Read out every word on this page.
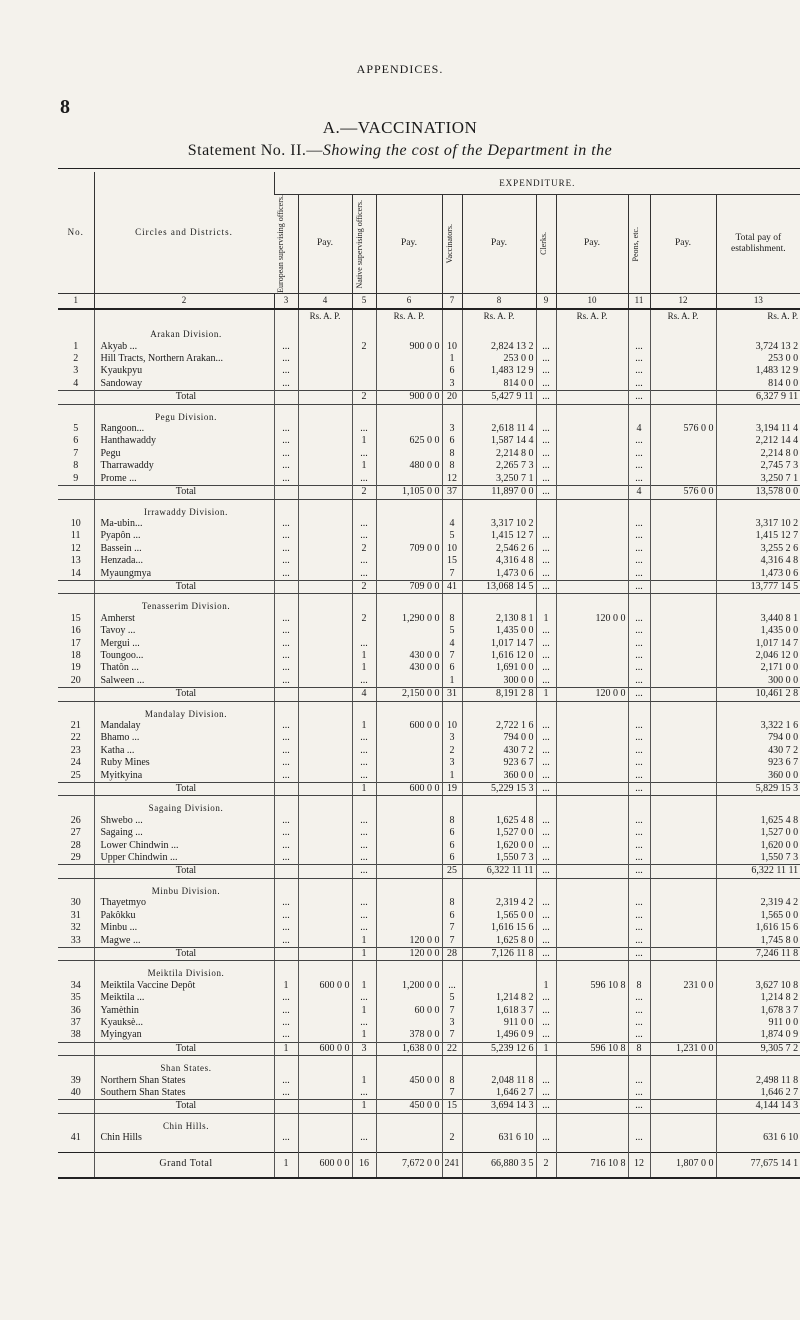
APPENDICES.
8
A.—VACCINATION
Statement No. II.—Showing the cost of the Department in the
No.	Circles and Districts.	EXPENDITURE.										

		European supervising officers.	Pay.	Native supervising officers.	Pay.	Vaccinators.	Pay.	Clerks.	Pay.	Peons, etc.	Pay.	Total pay of establishment.
1	2	3	4	5	6	7	8	9	10	11	12	13
			Rs. A. P.		Rs. A. P.		Rs. A. P.		Rs. A. P.		Rs. A. P.	Rs. A. P.
	Arakan Division.											
1	Akyab ...	...		2	900 0 0	10	2,824 13 2	...		...		3,724 13 2
2	Hill Tracts, Northern Arakan...	...				1	253 0 0	...		...		253 0 0
3	Kyaukpyu	...				6	1,483 12 9	...		...		1,483 12 9
4	Sandoway	...				3	814 0 0	...		...		814 0 0
	Total			2	900 0 0	20	5,427 9 11	...		...		6,327 9 11
	Pegu Division.											
5	Rangoon...	...		...		3	2,618 11 4	...		4	576 0 0	3,194 11 4
6	Hanthawaddy	...		1	625 0 0	6	1,587 14 4	...		...		2,212 14 4
7	Pegu	...		...		8	2,214 8 0	...		...		2,214 8 0
8	Tharrawaddy	...		1	480 0 0	8	2,265 7 3	...		...		2,745 7 3
9	Prome ...	...		...		12	3,250 7 1	...		...		3,250 7 1
	Total			2	1,105 0 0	37	11,897 0 0	...		4	576 0 0	13,578 0 0
	Irrawaddy Division.											
10	Ma-ubin...	...		...		4	3,317 10 2			...		3,317 10 2
11	Pyapôn ...	...		...		5	1,415 12 7	...		...		1,415 12 7
12	Bassein ...	...		2	709 0 0	10	2,546 2 6	...		...		3,255 2 6
13	Henzada...	...		...		15	4,316 4 8	...		...		4,316 4 8
14	Myaungmya	...		...		7	1,473 0 6	...		...		1,473 0 6
	Total			2	709 0 0	41	13,068 14 5	...		...		13,777 14 5
	Tenasserim Division.											
15	Amherst	...		2	1,290 0 0	8	2,130 8 1	1	120 0 0	...		3,440 8 1
16	Tavoy ...	...				5	1,435 0 0	...		...		1,435 0 0
17	Mergui ...	...		...		4	1,017 14 7	...		...		1,017 14 7
18	Toungoo...	...		1	430 0 0	7	1,616 12 0	...		...		2,046 12 0
19	Thatôn ...	...		1	430 0 0	6	1,691 0 0	...		...		2,171 0 0
20	Salween ...	...		...		1	300 0 0	...		...		300 0 0
	Total			4	2,150 0 0	31	8,191 2 8	1	120 0 0	...		10,461 2 8
	Mandalay Division.											
21	Mandalay	...		1	600 0 0	10	2,722 1 6	...		...		3,322 1 6
22	Bhamo ...	...		...		3	794 0 0	...		...		794 0 0
23	Katha ...	...		...		2	430 7 2	...		...		430 7 2
24	Ruby Mines	...		...		3	923 6 7	...		...		923 6 7
25	Myitkyina	...		...		1	360 0 0	...		...		360 0 0
	Total			1	600 0 0	19	5,229 15 3	...		...		5,829 15 3
	Sagaing Division.											
26	Shwebo ...	...		...		8	1,625 4 8	...		...		1,625 4 8
27	Sagaing ...	...		...		6	1,527 0 0	...		...		1,527 0 0
28	Lower Chindwin ...	...		...		6	1,620 0 0	...		...		1,620 0 0
29	Upper Chindwin ...	...		...		6	1,550 7 3	...		...		1,550 7 3
	Total			...		25	6,322 11 11	...		...		6,322 11 11
	Minbu Division.											
30	Thayetmyo	...		...		8	2,319 4 2	...		...		2,319 4 2
31	Pakôkku	...		...		6	1,565 0 0	...		...		1,565 0 0
32	Minbu ...	...		...		7	1,616 15 6	...		...		1,616 15 6
33	Magwe ...	...		1	120 0 0	7	1,625 8 0	...		...		1,745 8 0
	Total			1	120 0 0	28	7,126 11 8	...		...		7,246 11 8
	Meiktila Division.											
34	Meiktila Vaccine Depôt	1	600 0 0	1	1,200 0 0	...		1	596 10 8	8	231 0 0	3,627 10 8
35	Meiktila ...	...		...		5	1,214 8 2	...		...		1,214 8 2
36	Yamèthin	...		1	60 0 0	7	1,618 3 7	...		...		1,678 3 7
37	Kyauksè...	...		...		3	911 0 0	...		...		911 0 0
38	Myingyan	...		1	378 0 0	7	1,496 0 9	...		...		1,874 0 9
	Total	1	600 0 0	3	1,638 0 0	22	5,239 12 6	1	596 10 8	8	1,231 0 0	9,305 7 2
	Shan States.											
39	Northern Shan States	...		1	450 0 0	8	2,048 11 8	...		...		2,498 11 8
40	Southern Shan States	...		...		7	1,646 2 7	...		...		1,646 2 7
	Total			1	450 0 0	15	3,694 14 3	...		...		4,144 14 3
	Chin Hills.											
41	Chin Hills	...		...		2	631 6 10	...		...		631 6 10

	Grand Total	1	600 0 0	16	7,672 0 0	241	66,880 3 5	2	716 10 8	12	1,807 0 0	77,675 14 1
